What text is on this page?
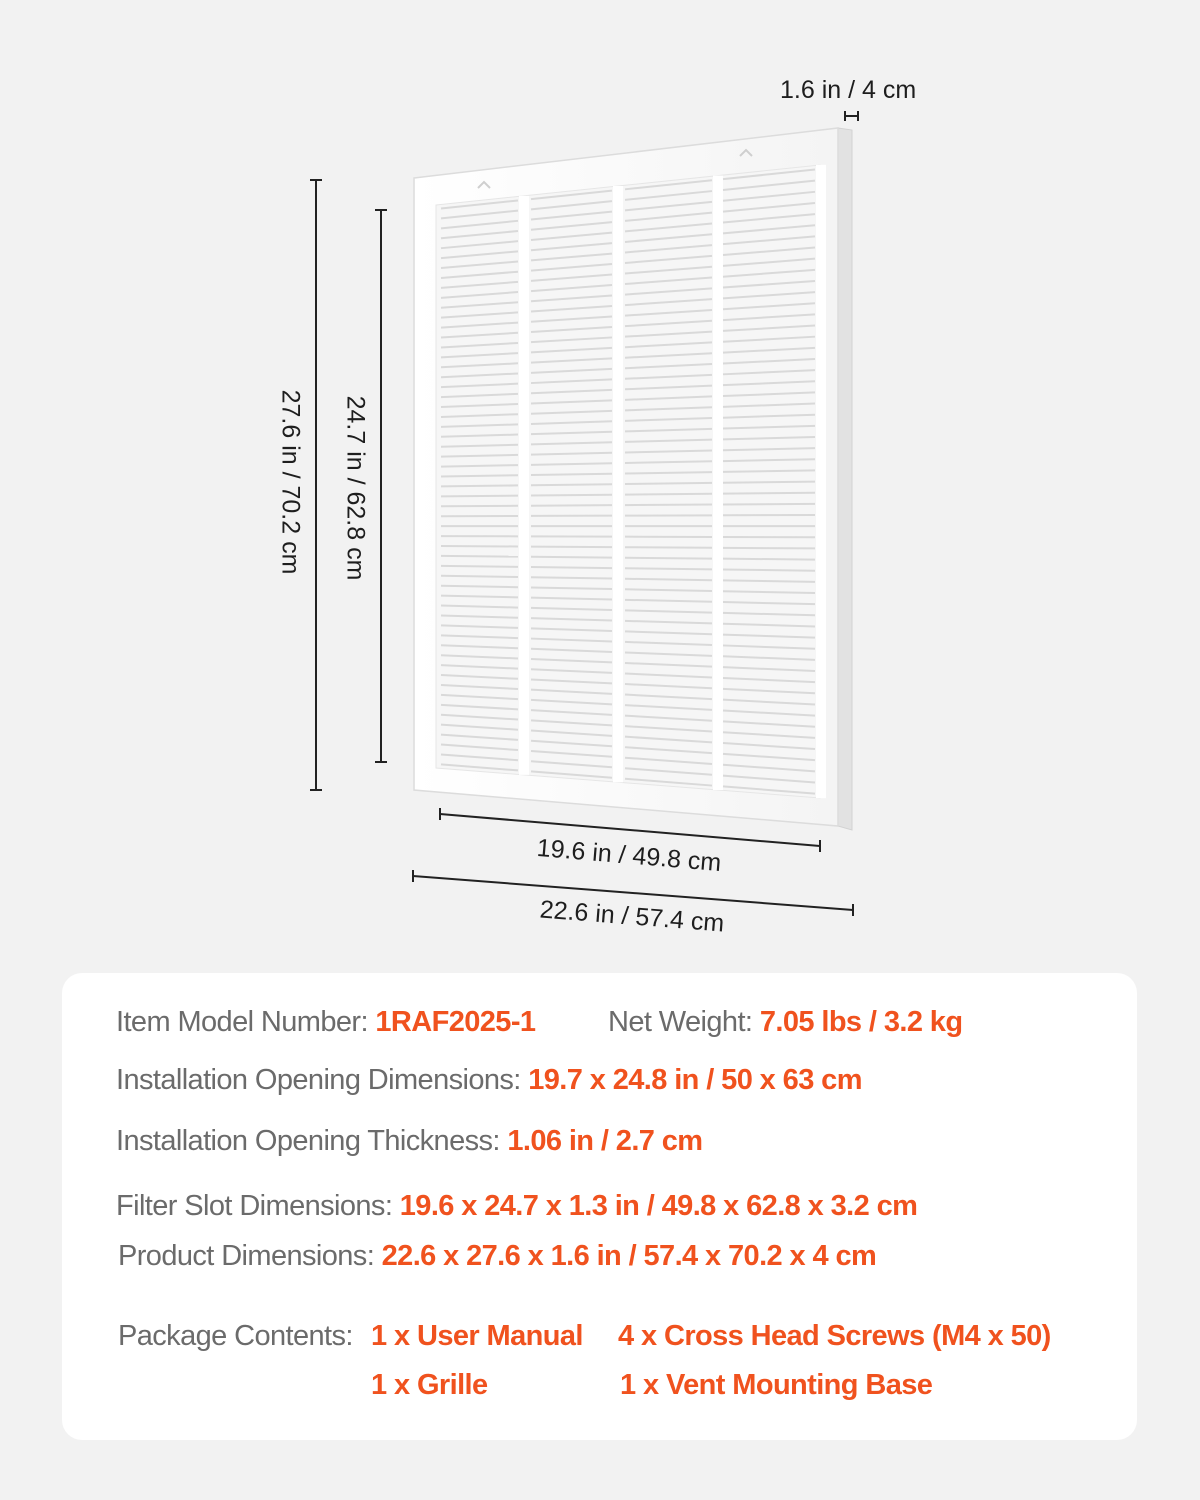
1.6 in / 4 cm
27.6 in / 70.2 cm 24.7 in / 62.8 cm
19.6 in / 49.8 cm
22.6 in / 57.4 cm
Item Model Number: 1RAF2025-1	Net Weight: 7.05 lbs / 3.2 kg
Installation Opening Dimensions: 19.7 x 24.8 in / 50 x 63 cm
Installation Opening Thickness: 1.06 in / 2.7 cm
Filter Slot Dimensions: 19.6 x 24.7 x 1.3 in / 49.8 x 62.8 x 3.2 cm
Product Dimensions: 22.6 x 27.6 x 1.6 in / 57.4 x 70.2 x 4 cm
Package Contents: 1 x User Manual 4 x Cross Head Screws (M4 x 50)
1 x Grille	1 x Vent Mounting Base
